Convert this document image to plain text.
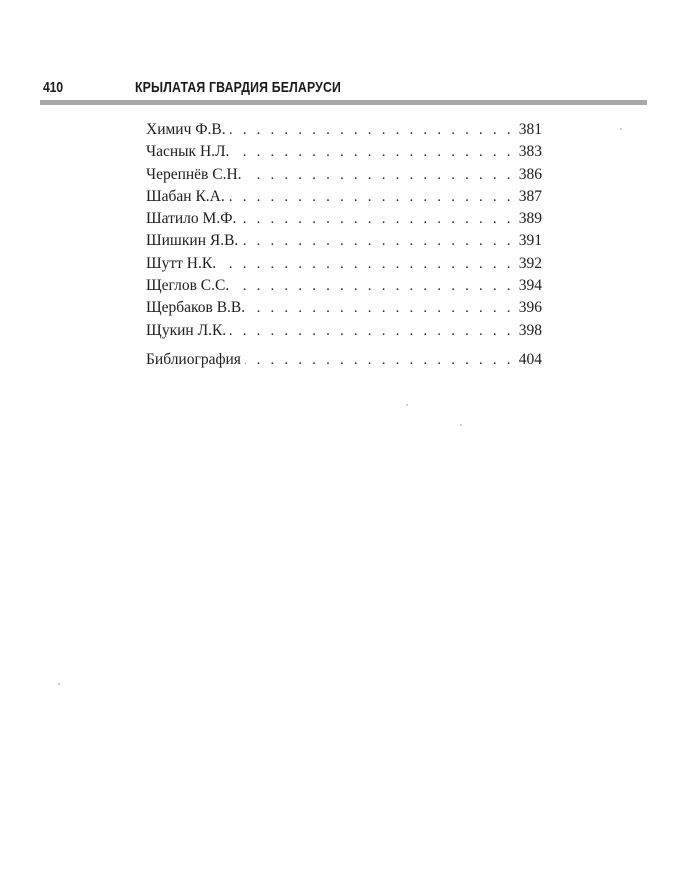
410	КРЫЛАТАЯ ГВАРДИЯ БЕЛАРУСИ
Химич Ф.В. . . .	381
Часнык Н.Л. . . .	383
Черепнёв С.Н. . . .	386
Шабан К.А. . . .	387
Шатило М.Ф. . . .	389
Шишкин Я.В. . . .	391
Шутт Н.К. . . .	392
Щеглов С.С. . . .	394
Щербаков В.В. . . .	396
Щукин Л.К. . . .	398
Библиография . . .	404
